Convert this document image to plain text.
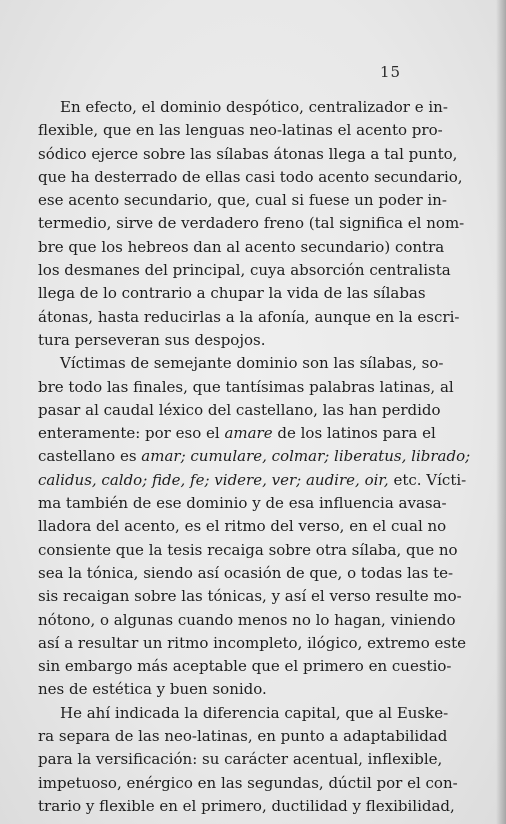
15
En efecto, el dominio despótico, centralizador e in-
flexible, que en las lenguas neo-latinas el acento pro-
sódico ejerce sobre las sílabas átonas llega a tal punto,
que ha desterrado de ellas casi todo acento secundario,
ese acento secundario, que, cual si fuese un poder in-
termedio, sirve de verdadero freno (tal significa el nom-
bre que los hebreos dan al acento secundario) contra
los desmanes del principal, cuya absorción centralista
llega de lo contrario a chupar la vida de las sílabas
átonas, hasta reducirlas a la afonía, aunque en la escri-
tura perseveran sus despojos.
Víctimas de semejante dominio son las sílabas, so-
bre todo las finales, que tantísimas palabras latinas, al
pasar al caudal léxico del castellano, las han perdido
enteramente: por eso el amare de los latinos para el
castellano es amar; cumulare, colmar; liberatus, librado;
calidus, caldo; fide, fe; videre, ver; audire, oir, etc. Vícti-
ma también de ese dominio y de esa influencia avasa-
lladora del acento, es el ritmo del verso, en el cual no
consiente que la tesis recaiga sobre otra sílaba, que no
sea la tónica, siendo así ocasión de que, o todas las te-
sis recaigan sobre las tónicas, y así el verso resulte mo-
nótono, o algunas cuando menos no lo hagan, viniendo
así a resultar un ritmo incompleto, ilógico, extremo este
sin embargo más aceptable que el primero en cuestio-
nes de estética y buen sonido.
He ahí indicada la diferencia capital, que al Euske-
ra separa de las neo-latinas, en punto a adaptabilidad
para la versificación: su carácter acentual, inflexible,
impetuoso, enérgico en las segundas, dúctil por el con-
trario y flexible en el primero, ductilidad y flexibilidad,
